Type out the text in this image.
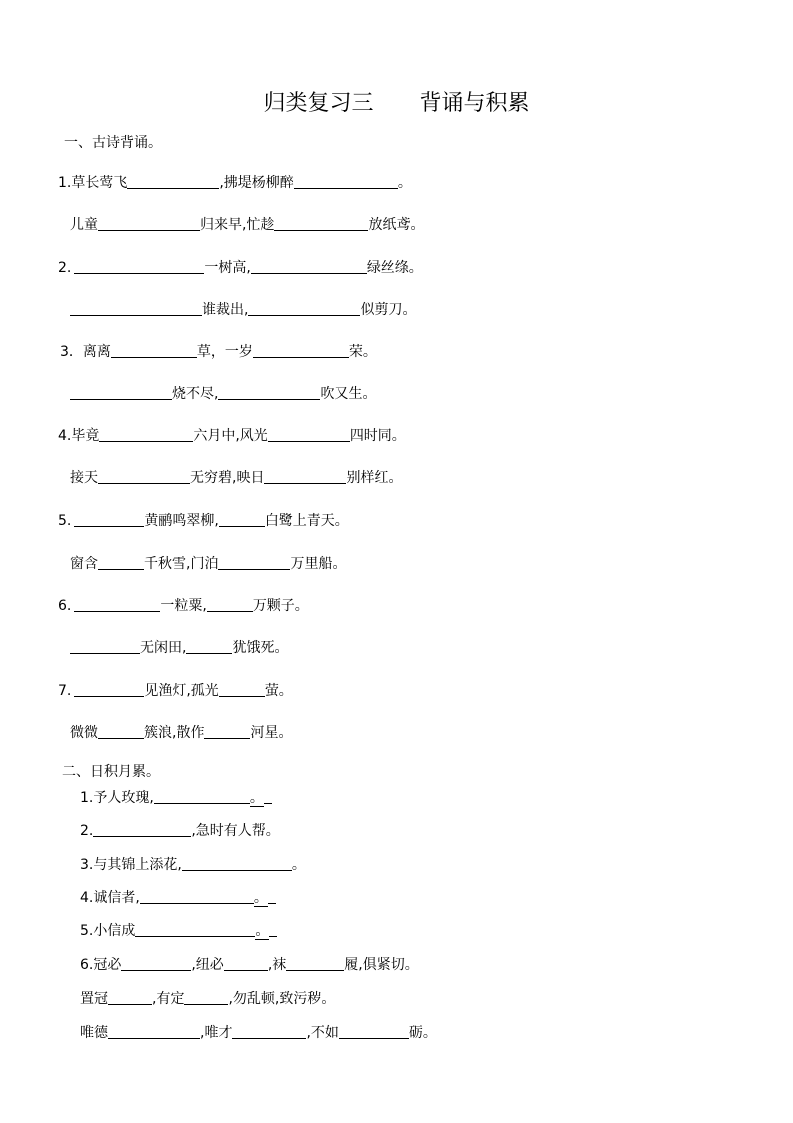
归类复习三 背诵与积累
一、古诗背诵。
1.草长莺飞	,拂堤杨柳醉	。
儿童	归来早,忙趁	放纸鸢。
2.	一树高,	绿丝绦。
谁裁出,	似剪刀。
3．离离	草，一岁	荣。
烧不尽,	吹又生。
4.毕竟	六月中,风光	四时同。
接天	无穷碧,映日	别样红。
5.	黄鹂鸣翠柳,	白鹭上青天。
窗含	千秋雪,门泊	万里船。
6.	一粒粟,	万颗子。
无闲田,	犹饿死。
7.	见渔灯,孤光	萤。
微微	簇浪,散作	河星。
二、日积月累。
1.予人玫瑰,	。
2.	,急时有人帮。
3.与其锦上添花,	。
4.诚信者,	。
5.小信成	。
6.冠必	,纽必	,袜	履,俱紧切。
置冠	,有定	,勿乱顿,致污秽。
唯德	,唯才	,不如	砺。
